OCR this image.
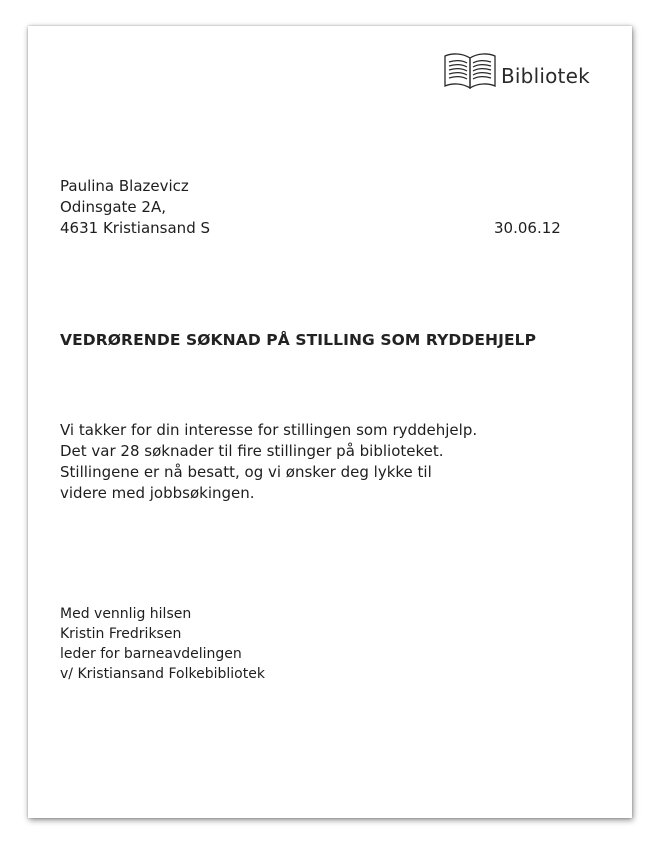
Bibliotek
Paulina Blazevicz
Odinsgate 2A,
4631 Kristiansand S	30.06.12
VEDRØRENDE SØKNAD PÅ STILLING SOM RYDDEHJELP
Vi takker for din interesse for stillingen som ryddehjelp.
Det var 28 søknader til fire stillinger på biblioteket.
Stillingene er nå besatt, og vi ønsker deg lykke til
videre med jobbsøkingen.
Med vennlig hilsen
Kristin Fredriksen
leder for barneavdelingen
v/ Kristiansand Folkebibliotek
